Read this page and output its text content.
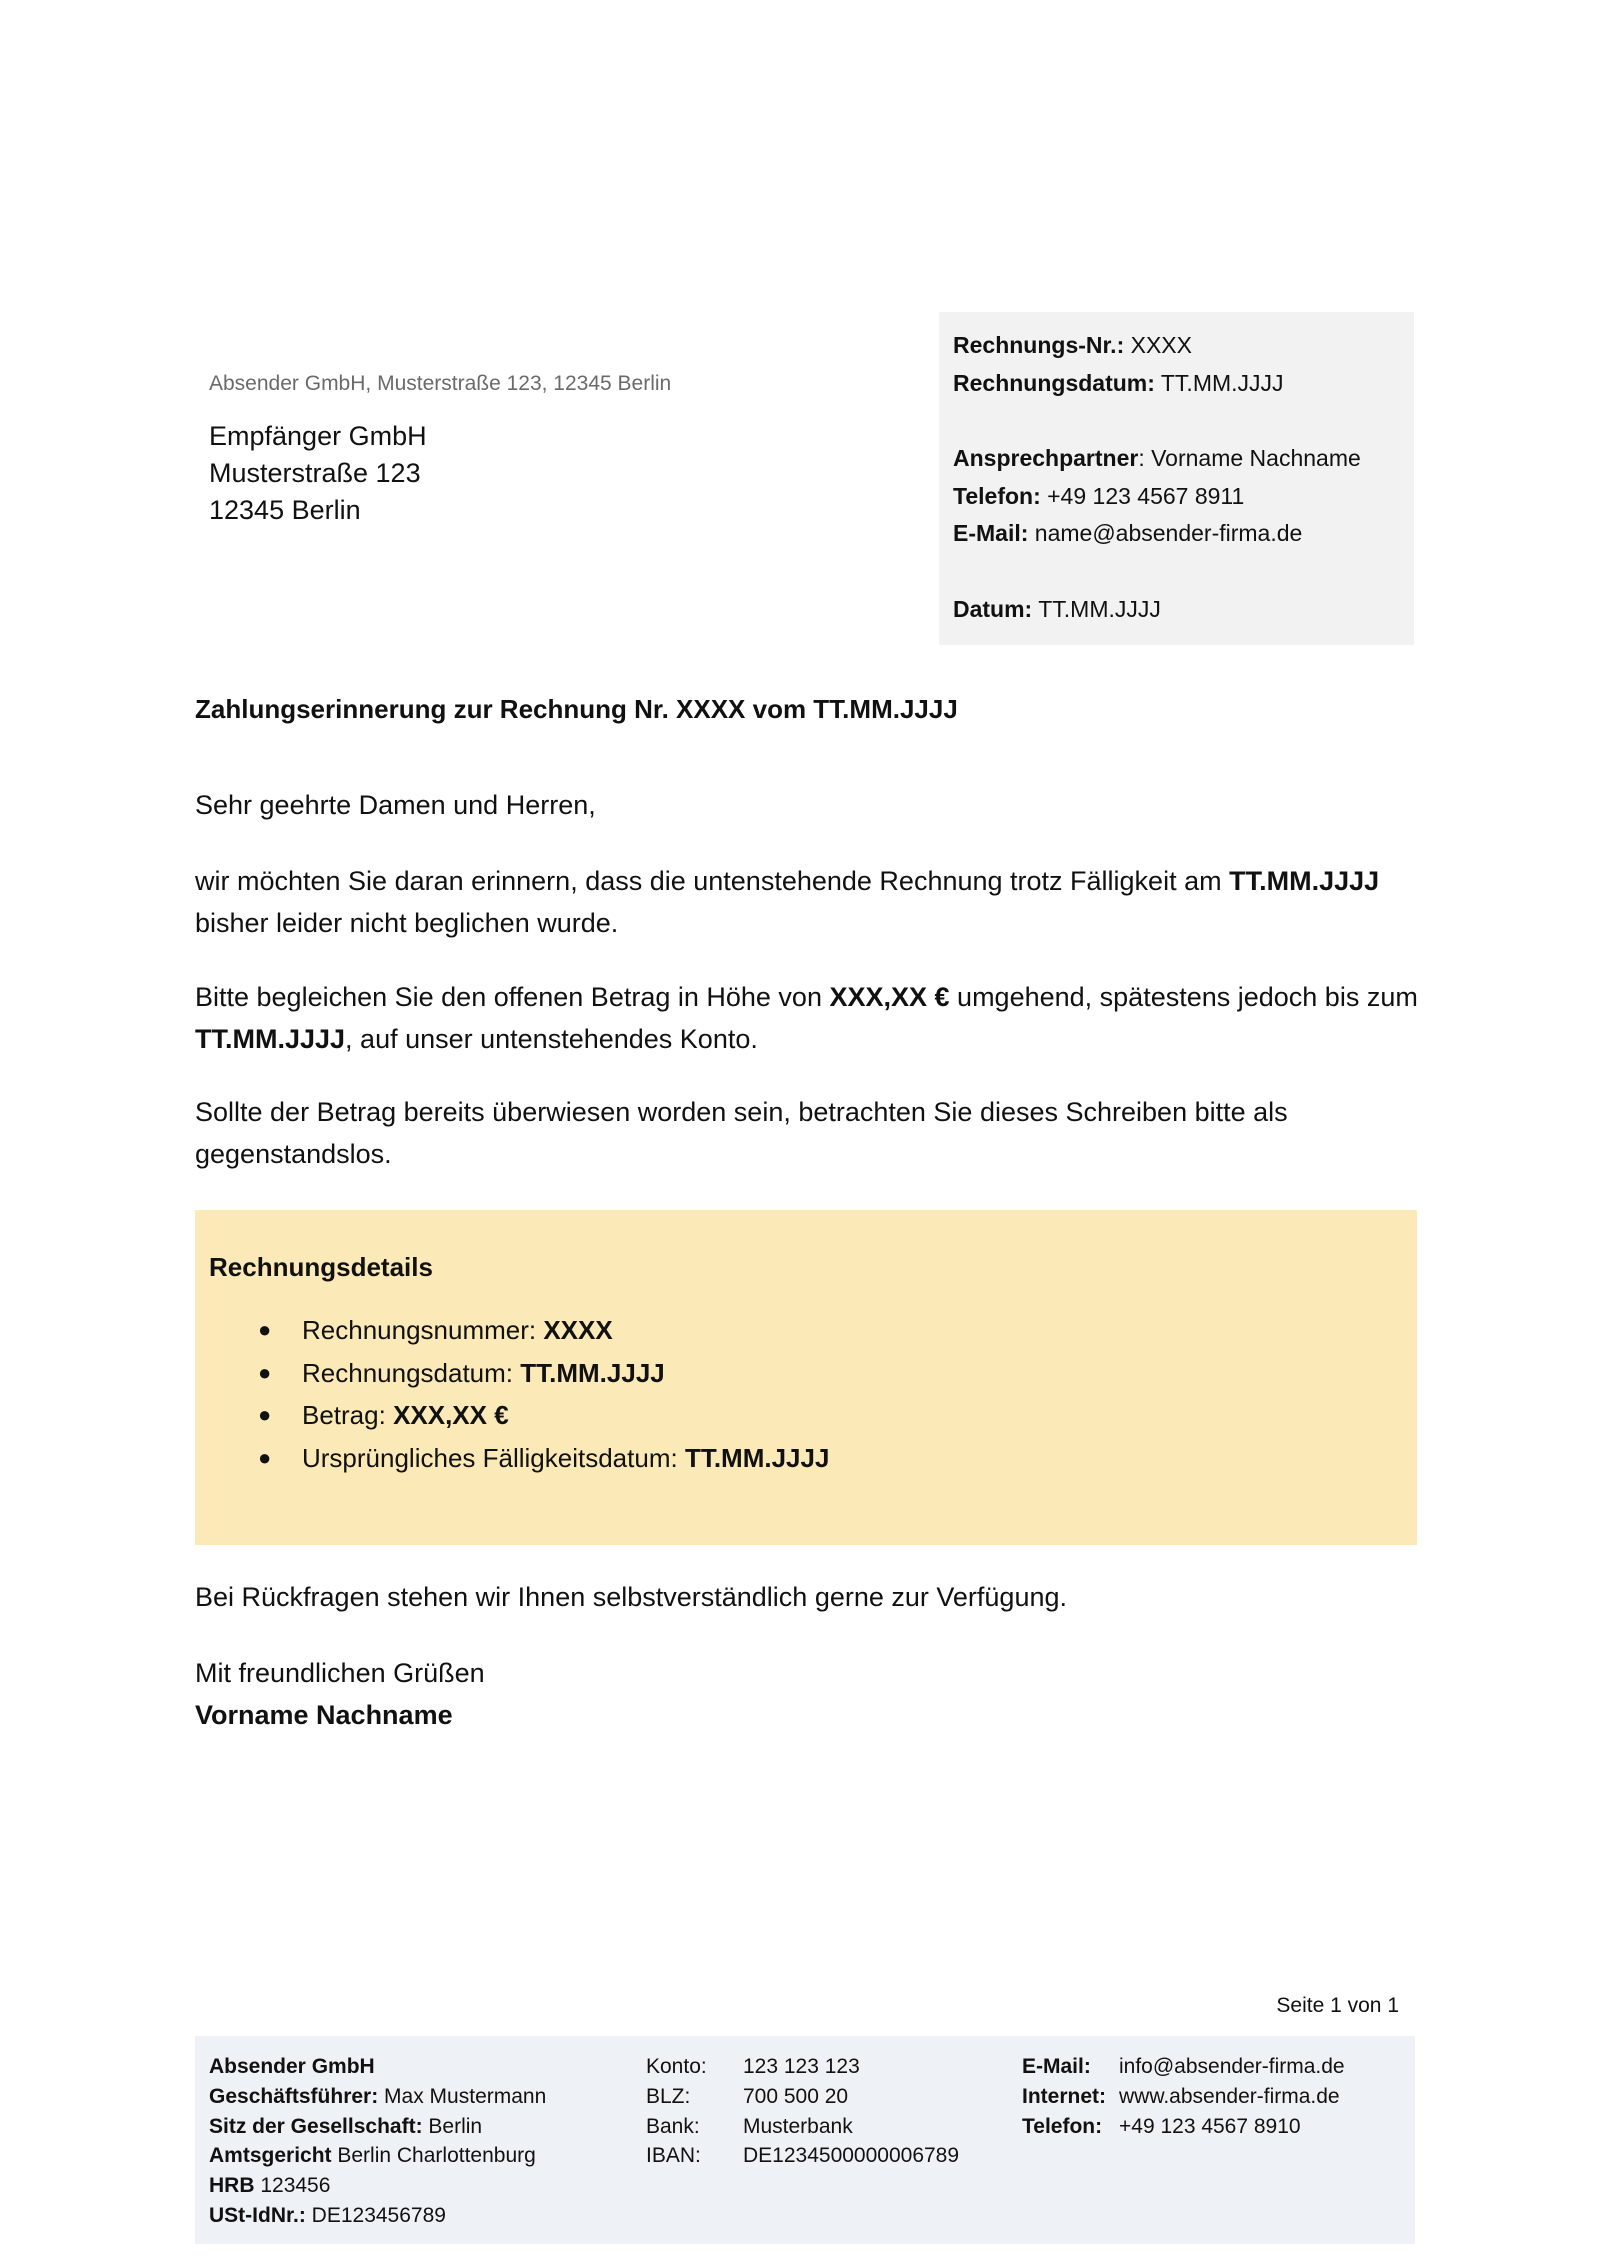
Absender GmbH, Musterstraße 123, 12345 Berlin
Empfänger GmbH
Musterstraße 123
12345 Berlin
Rechnungs-Nr.: XXXX
Rechnungsdatum: TT.MM.JJJJ
Ansprechpartner: Vorname Nachname
Telefon: +49 123 4567 8911
E-Mail: name@absender-firma.de
Datum: TT.MM.JJJJ
Zahlungserinnerung zur Rechnung Nr. XXXX vom TT.MM.JJJJ
Sehr geehrte Damen und Herren,
wir möchten Sie daran erinnern, dass die untenstehende Rechnung trotz Fälligkeit am TT.MM.JJJJ bisher leider nicht beglichen wurde.
Bitte begleichen Sie den offenen Betrag in Höhe von XXX,XX € umgehend, spätestens jedoch bis zum TT.MM.JJJJ, auf unser untenstehendes Konto.
Sollte der Betrag bereits überwiesen worden sein, betrachten Sie dieses Schreiben bitte als gegenstandslos.
Rechnungsdetails
● Rechnungsnummer: XXXX
● Rechnungsdatum: TT.MM.JJJJ
● Betrag: XXX,XX €
● Ursprüngliches Fälligkeitsdatum: TT.MM.JJJJ
Bei Rückfragen stehen wir Ihnen selbstverständlich gerne zur Verfügung.
Mit freundlichen Grüßen
Vorname Nachname
Seite 1 von 1
Absender GmbH
Geschäftsführer: Max Mustermann
Sitz der Gesellschaft: Berlin
Amtsgericht Berlin Charlottenburg
HRB 123456
USt-IdNr.: DE123456789
Konto: 123 123 123
BLZ:	700 500 20
Bank: Musterbank
IBAN: DE1234500000006789
E-Mail: info@absender-firma.de
Internet: www.absender-firma.de
Telefon: +49 123 4567 8910
